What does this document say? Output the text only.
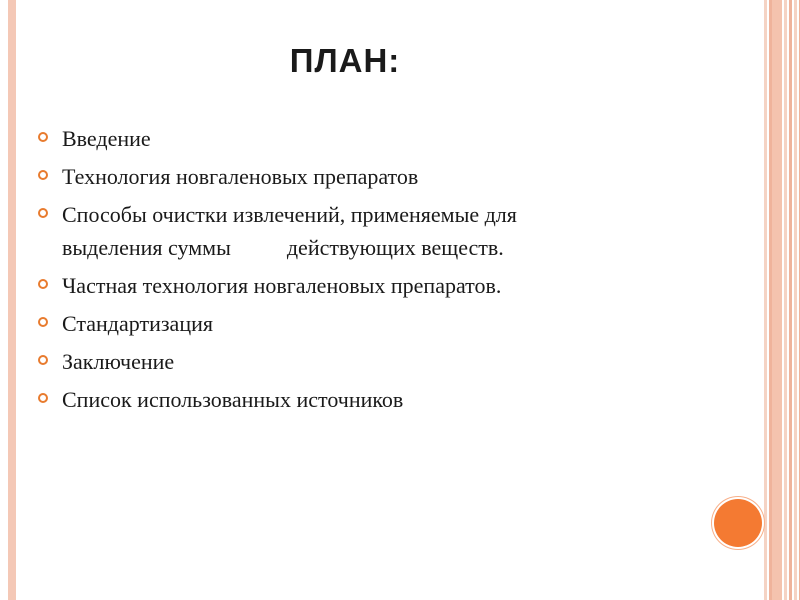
ПЛАН:
Введение
Технология новгаленовых препаратов
Способы очистки извлечений, применяемые для
выделения суммы	действующих веществ.
Частная технология новгаленовых препаратов.
Стандартизация
Заключение
Список использованных источников
